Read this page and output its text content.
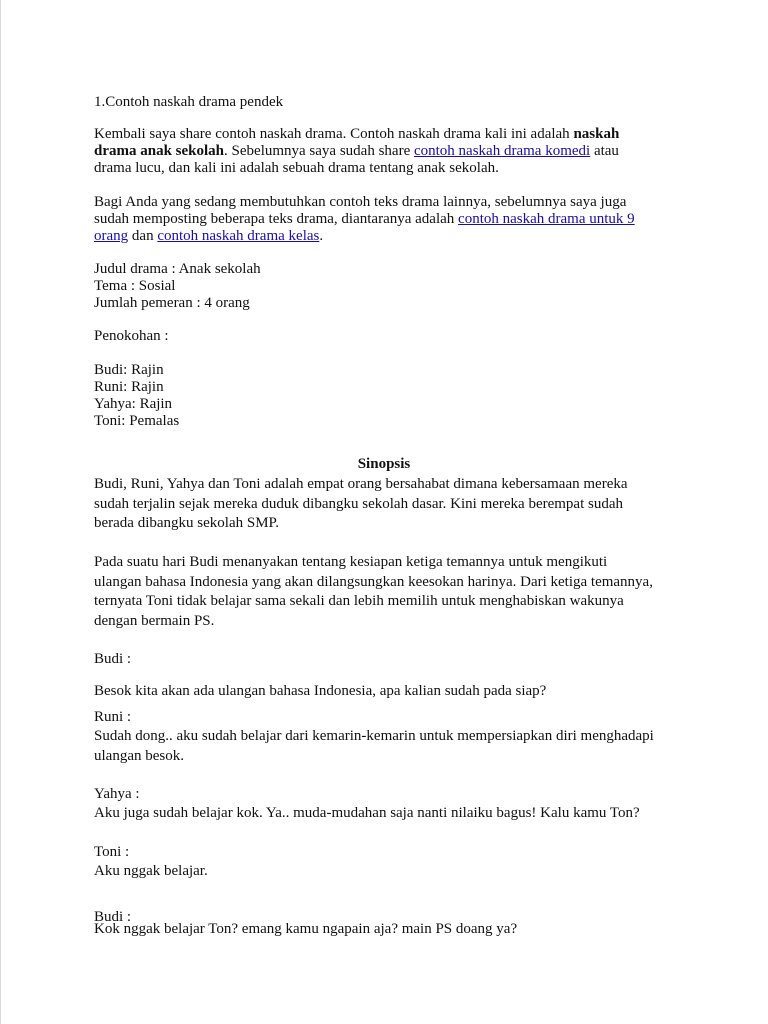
1.Contoh naskah drama pendek

Kembali saya share contoh naskah drama. Contoh naskah drama kali ini adalah naskah
drama anak sekolah. Sebelumnya saya sudah share contoh naskah drama komedi atau
drama lucu, dan kali ini adalah sebuah drama tentang anak sekolah.

Bagi Anda yang sedang membutuhkan contoh teks drama lainnya, sebelumnya saya juga
sudah memposting beberapa teks drama, diantaranya adalah contoh naskah drama untuk 9
orang dan contoh naskah drama kelas.

Judul drama : Anak sekolah
Tema : Sosial
Jumlah pemeran : 4 orang

Penokohan :

Budi: Rajin
Runi: Rajin
Yahya: Rajin
Toni: Pemalas

Sinopsis

Budi, Runi, Yahya dan Toni adalah empat orang bersahabat dimana kebersamaan mereka
sudah terjalin sejak mereka duduk dibangku sekolah dasar. Kini mereka berempat sudah
berada dibangku sekolah SMP.

Pada suatu hari Budi menanyakan tentang kesiapan ketiga temannya untuk mengikuti
ulangan bahasa Indonesia yang akan dilangsungkan keesokan harinya. Dari ketiga temannya,
ternyata Toni tidak belajar sama sekali dan lebih memilih untuk menghabiskan wakunya
dengan bermain PS.

Budi :

Besok kita akan ada ulangan bahasa Indonesia, apa kalian sudah pada siap?

Runi :

Sudah dong.. aku sudah belajar dari kemarin-kemarin untuk mempersiapkan diri menghadapi
ulangan besok.

Yahya :

Aku juga sudah belajar kok. Ya.. muda-mudahan saja nanti nilaiku bagus! Kalu kamu Ton?

Toni :

Aku nggak belajar.

Budi :
Kok nggak belajar Ton? emang kamu ngapain aja? main PS doang ya?
